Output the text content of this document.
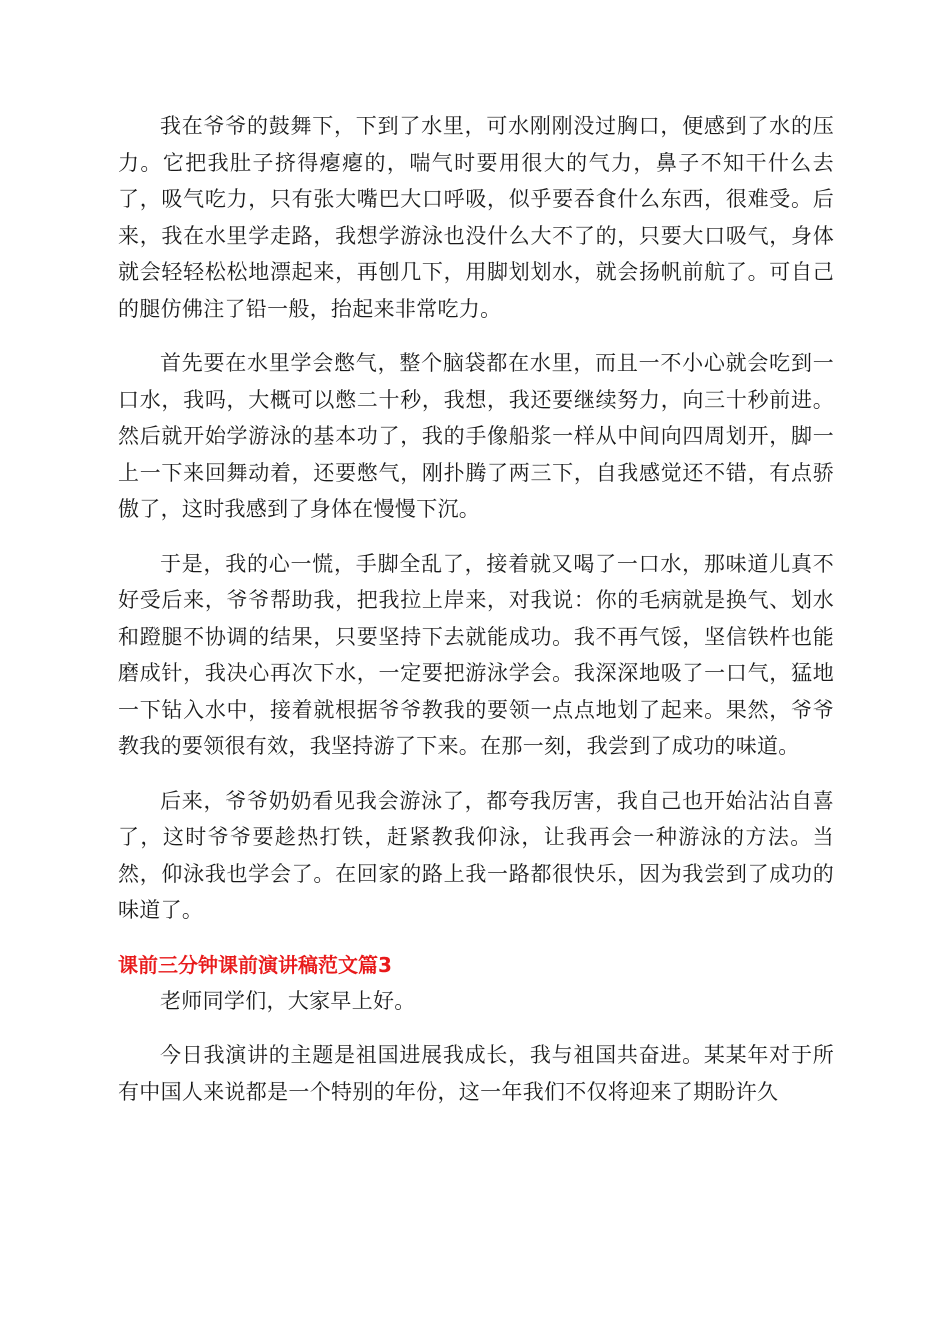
我在爷爷的鼓舞下，下到了水里，可水刚刚没过胸口，便感到了水的压力。它把我肚子挤得瘪瘪的，喘气时要用很大的气力，鼻子不知干什么去了，吸气吃力，只有张大嘴巴大口呼吸，似乎要吞食什么东西，很难受。后来，我在水里学走路，我想学游泳也没什么大不了的，只要大口吸气，身体就会轻轻松松地漂起来，再刨几下，用脚划划水，就会扬帆前航了。可自己的腿仿佛注了铅一般，抬起来非常吃力。

首先要在水里学会憋气，整个脑袋都在水里，而且一不小心就会吃到一口水，我吗，大概可以憋二十秒，我想，我还要继续努力，向三十秒前进。然后就开始学游泳的基本功了，我的手像船浆一样从中间向四周划开，脚一上一下来回舞动着，还要憋气，刚扑腾了两三下，自我感觉还不错，有点骄傲了，这时我感到了身体在慢慢下沉。

于是，我的心一慌，手脚全乱了，接着就又喝了一口水，那味道儿真不好受后来，爷爷帮助我，把我拉上岸来，对我说：你的毛病就是换气、划水和蹬腿不协调的结果，只要坚持下去就能成功。我不再气馁，坚信铁杵也能磨成针，我决心再次下水，一定要把游泳学会。我深深地吸了一口气，猛地一下钻入水中，接着就根据爷爷教我的要领一点点地划了起来。果然，爷爷教我的要领很有效，我坚持游了下来。在那一刻，我尝到了成功的味道。

后来，爷爷奶奶看见我会游泳了，都夸我厉害，我自己也开始沾沾自喜了，这时爷爷要趁热打铁，赶紧教我仰泳，让我再会一种游泳的方法。当然，仰泳我也学会了。在回家的路上我一路都很快乐，因为我尝到了成功的味道了。

课前三分钟课前演讲稿范文篇3

老师同学们，大家早上好。

今日我演讲的主题是祖国进展我成长，我与祖国共奋进。某某年对于所有中国人来说都是一个特别的年份，这一年我们不仅将迎来了期盼许久
